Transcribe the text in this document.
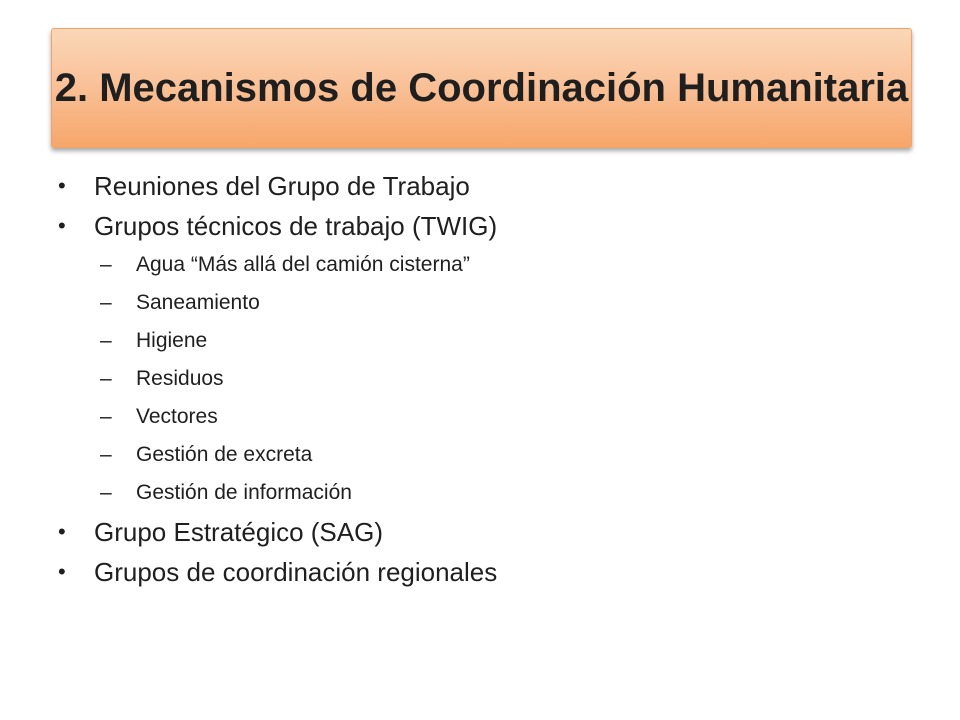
2. Mecanismos de Coordinación Humanitaria
• Reuniones del Grupo de Trabajo
• Grupos técnicos de trabajo (TWIG)
– Agua “Más allá del camión cisterna”
– Saneamiento
– Higiene
– Residuos
– Vectores
– Gestión de excreta
– Gestión de información
• Grupo Estratégico (SAG)
• Grupos de coordinación regionales
